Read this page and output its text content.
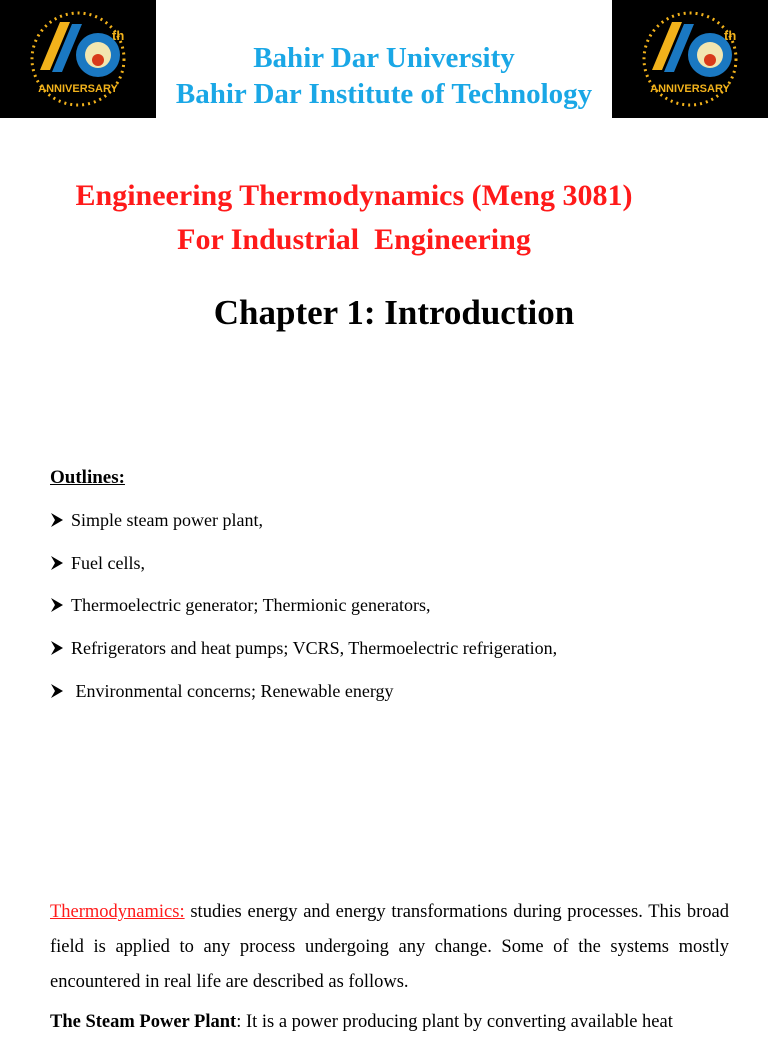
th
ANNIVERSARY
th
ANNIVERSARY
Bahir Dar University
Bahir Dar Institute of Technology
Engineering Thermodynamics (Meng 3081)
For Industrial  Engineering
Chapter 1: Introduction
Outlines:
Simple steam power plant,
Fuel cells,
Thermoelectric generator; Thermionic generators,
Refrigerators and heat pumps; VCRS, Thermoelectric refrigeration,
Environmental concerns; Renewable energy
Thermodynamics: studies energy and energy transformations during processes. This broad field is applied to any process undergoing any change. Some of the systems mostly encountered in real life are described as follows.
The Steam Power Plant: It is a power producing plant by converting available heat
